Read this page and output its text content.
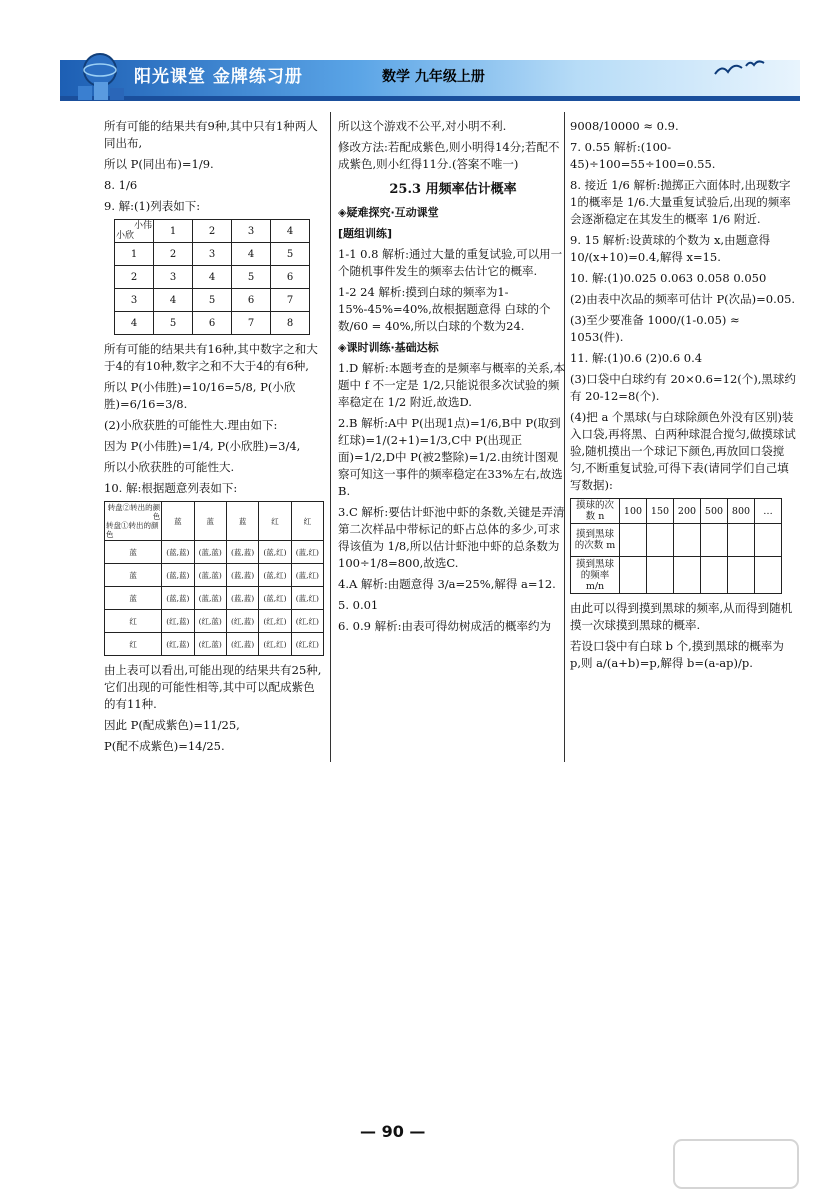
阳光课堂 金牌练习册	数学 九年级上册

所有可能的结果共有9种,其中只有1种两人同出布,

所以 P(同出布)=1/9.

8. 1/6

9. 解:(1)列表如下:

小伟
小欣	1	2	3	4
1	2	3	4	5
2	3	4	5	6
3	4	5	6	7
4	5	6	7	8

所有可能的结果共有16种,其中数字之和大于4的有10种,数字之和不大于4的有6种,

所以 P(小伟胜)=10/16=5/8, P(小欣胜)=6/16=3/8.

(2)小欣获胜的可能性大.理由如下:

因为 P(小伟胜)=1/4, P(小欣胜)=3/4,

所以小欣获胜的可能性大.

10. 解:根据题意列表如下:

转盘②转出的颜色
转盘①转出的颜色	蓝	蓝	蓝	红	红
蓝	(蓝,蓝)	(蓝,蓝)	(蓝,蓝)	(蓝,红)	(蓝,红)
蓝	(蓝,蓝)	(蓝,蓝)	(蓝,蓝)	(蓝,红)	(蓝,红)
蓝	(蓝,蓝)	(蓝,蓝)	(蓝,蓝)	(蓝,红)	(蓝,红)
红	(红,蓝)	(红,蓝)	(红,蓝)	(红,红)	(红,红)
红	(红,蓝)	(红,蓝)	(红,蓝)	(红,红)	(红,红)

由上表可以看出,可能出现的结果共有25种,它们出现的可能性相等,其中可以配成紫色的有11种.

因此 P(配成紫色)=11/25,

P(配不成紫色)=14/25.

所以这个游戏不公平,对小明不利.

修改方法:若配成紫色,则小明得14分;若配不成紫色,则小红得11分.(答案不唯一)

25.3 用频率估计概率
◈疑难探究·互动课堂
[题组训练]

1-1 0.8 解析:通过大量的重复试验,可以用一个随机事件发生的频率去估计它的概率.

1-2 24 解析:摸到白球的频率为1-15%-45%=40%,故根据题意得 白球的个数/60 = 40%,所以白球的个数为24.

◈课时训练·基础达标

1.D 解析:本题考查的是频率与概率的关系,本题中 f 不一定是 1/2,只能说很多次试验的频率稳定在 1/2 附近,故选D.

2.B 解析:A中 P(出现1点)=1/6,B中 P(取到红球)=1/(2+1)=1/3,C中 P(出现正面)=1/2,D中 P(被2整除)=1/2.由统计图观察可知这一事件的频率稳定在33%左右,故选B.

3.C 解析:要估计虾池中虾的条数,关键是弄清第二次样品中带标记的虾占总体的多少,可求得该值为 1/8,所以估计虾池中虾的总条数为 100÷1/8=800,故选C.

4.A 解析:由题意得 3/a=25%,解得 a=12.

5. 0.01

6. 0.9 解析:由表可得幼树成活的概率约为

9008/10000 ≈ 0.9.

7. 0.55 解析:(100-45)÷100=55÷100=0.55.

8. 接近 1/6 解析:抛掷正六面体时,出现数字1的概率是 1/6.大量重复试验后,出现的频率会逐渐稳定在其发生的概率 1/6 附近.

9. 15 解析:设黄球的个数为 x,由题意得 10/(x+10)=0.4,解得 x=15.

10. 解:(1)0.025 0.063 0.058 0.050

(2)由表中次品的频率可估计 P(次品)=0.05.

(3)至少要准备 1000/(1-0.05) ≈ 1053(件).

11. 解:(1)0.6 (2)0.6 0.4

(3)口袋中白球约有 20×0.6=12(个),黑球约有 20-12=8(个).

(4)把 a 个黑球(与白球除颜色外没有区别)装入口袋,再将黑、白两种球混合搅匀,做摸球试验,随机摸出一个球记下颜色,再放回口袋搅匀,不断重复试验,可得下表(请同学们自己填写数据):

摸球的次数 n	100	150	200	500	800	…
摸到黑球的次数 m						
摸到黑球的频率 m/n						

由此可以得到摸到黑球的频率,从而得到随机摸一次球摸到黑球的概率.

若设口袋中有白球 b 个,摸到黑球的概率为 p,则 a/(a+b)=p,解得 b=(a-ap)/p.

— 90 —
